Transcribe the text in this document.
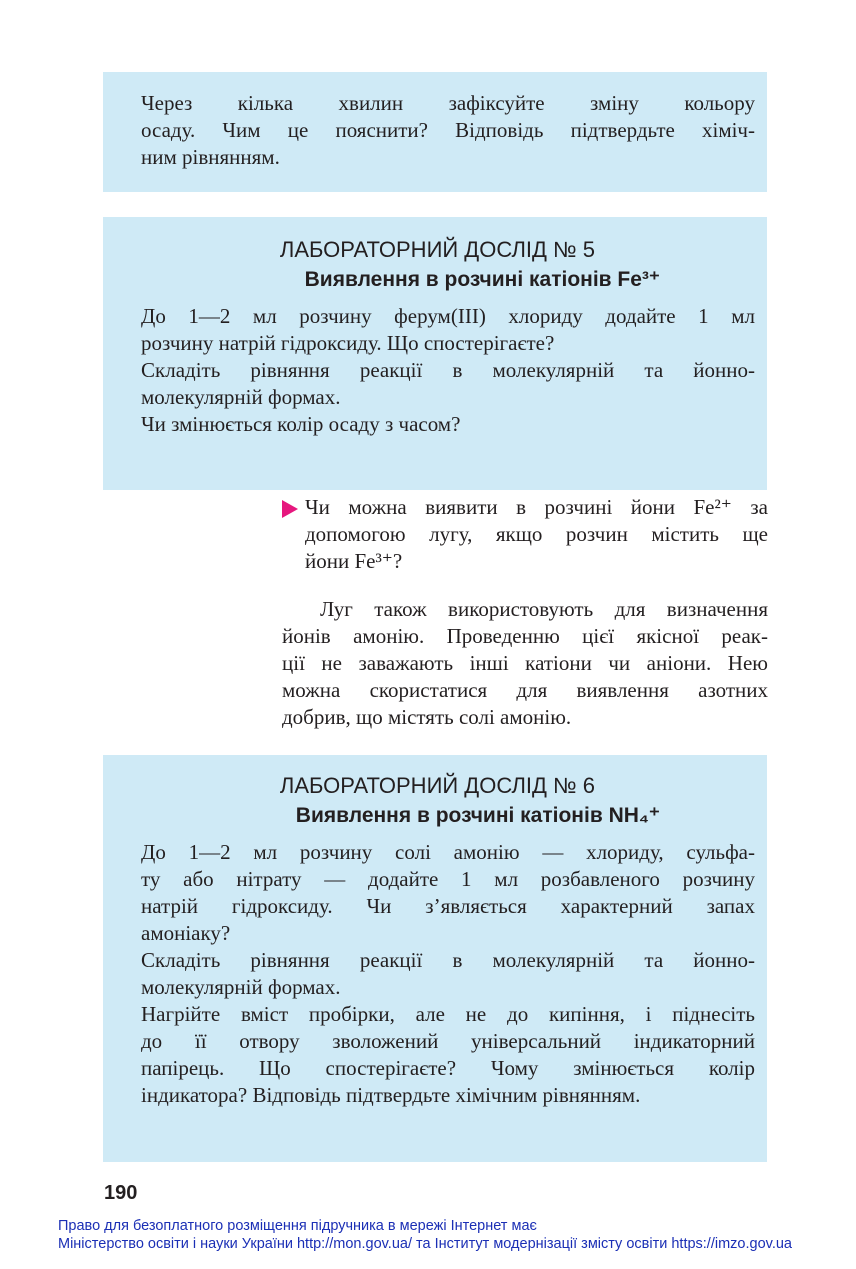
Через кілька хвилин зафіксуйте зміну кольору
осаду. Чим це пояснити? Відповідь підтвердьте хіміч-
ним рівнянням.
ЛАБОРАТОРНИЙ ДОСЛІД № 5
Виявлення в розчині катіонів Fe³⁺
До 1—2 мл розчину ферум(III) хлориду додайте 1 мл
розчину натрій гідроксиду. Що спостерігаєте?
Складіть рівняння реакції в молекулярній та йонно-
молекулярній формах.
Чи змінюється колір осаду з часом?
Чи можна виявити в розчині йони Fe²⁺ за
допомогою лугу, якщо розчин містить ще
йони Fe³⁺?
Луг також використовують для визначення
йонів амонію. Проведенню цієї якісної реак-
ції не заважають інші катіони чи аніони. Нею
можна скористатися для виявлення азотних
добрив, що містять солі амонію.
ЛАБОРАТОРНИЙ ДОСЛІД № 6
Виявлення в розчині катіонів NH₄⁺
До 1—2 мл розчину солі амонію — хлориду, сульфа-
ту або нітрату — додайте 1 мл розбавленого розчину
натрій гідроксиду. Чи з’являється характерний запах
амоніаку?
Складіть рівняння реакції в молекулярній та йонно-
молекулярній формах.
Нагрійте вміст пробірки, але не до кипіння, і піднесіть
до її отвору зволожений універсальний індикаторний
папірець. Що спостерігаєте? Чому змінюється колір
індикатора? Відповідь підтвердьте хімічним рівнянням.
190
Право для безоплатного розміщення підручника в мережі Інтернет має
Міністерство освіти і науки України http://mon.gov.ua/ та Інститут модернізації змісту освіти https://imzo.gov.ua
